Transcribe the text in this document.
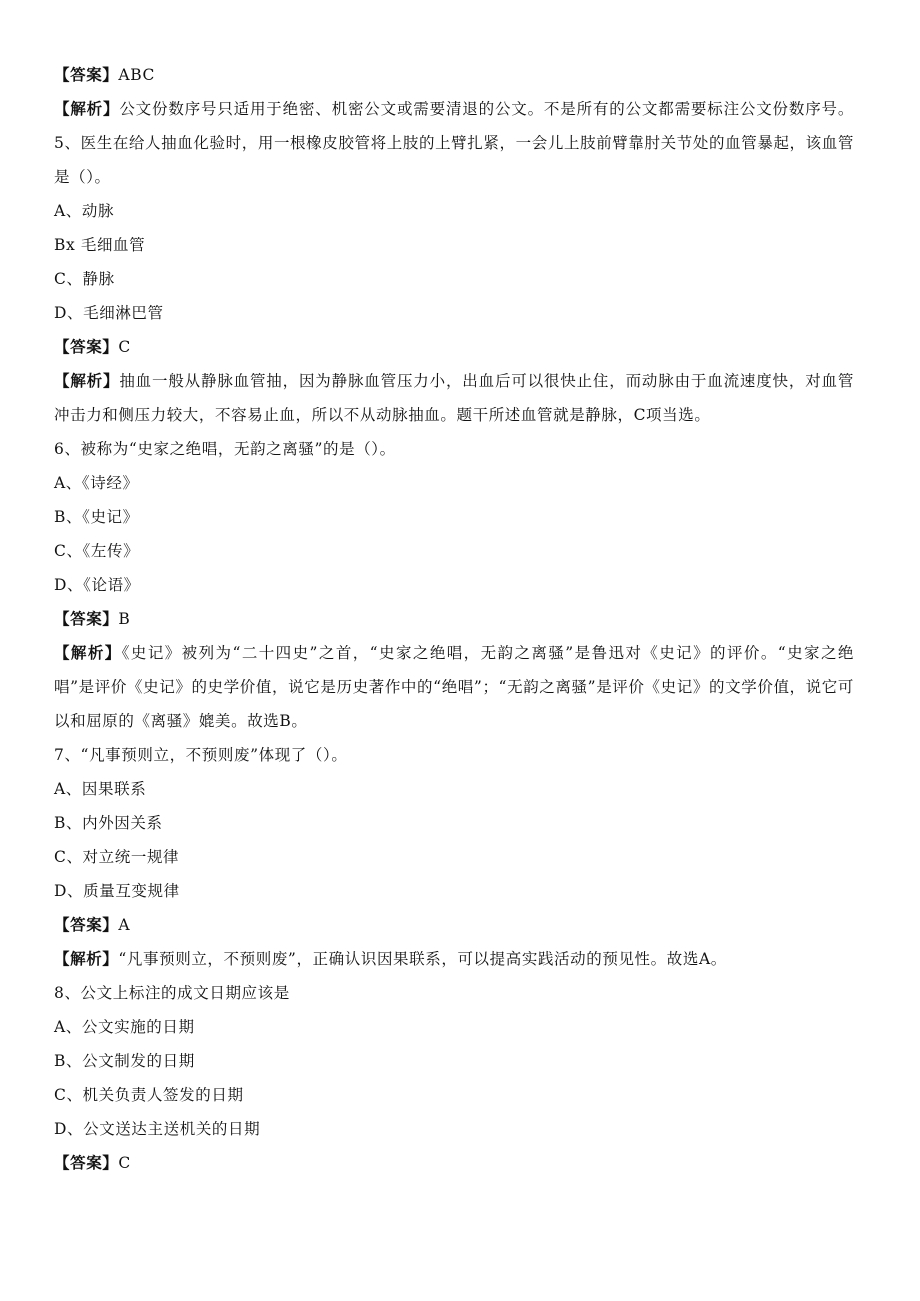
【答案】ABC
【解析】公文份数序号只适用于绝密、机密公文或需要清退的公文。不是所有的公文都需要标注公文份数序号。5、医生在给人抽血化验时，用一根橡皮胶管将上肢的上臂扎紧，一会儿上肢前臂靠肘关节处的血管暴起，该血管是（）。
A、动脉
Bx 毛细血管
C、静脉
D、毛细淋巴管
【答案】C
【解析】抽血一般从静脉血管抽，因为静脉血管压力小，出血后可以很快止住，而动脉由于血流速度快，对血管冲击力和侧压力较大，不容易止血，所以不从动脉抽血。题干所述血管就是静脉，C项当选。
6、被称为“史家之绝唱，无韵之离骚”的是（）。
A、《诗经》
B、《史记》
C、《左传》
D、《论语》
【答案】B
【解析】《史记》被列为“二十四史”之首，“史家之绝唱，无韵之离骚”是鲁迅对《史记》的评价。“史家之绝唱”是评价《史记》的史学价值，说它是历史著作中的“绝唱”；“无韵之离骚”是评价《史记》的文学价值，说它可以和屈原的《离骚》媲美。故选B。
7、“凡事预则立，不预则废”体现了（）。
A、因果联系
B、内外因关系
C、对立统一规律
D、质量互变规律
【答案】A
【解析】“凡事预则立，不预则废”，正确认识因果联系，可以提高实践活动的预见性。故选A。
8、公文上标注的成文日期应该是
A、公文实施的日期
B、公文制发的日期
C、机关负责人签发的日期
D、公文送达主送机关的日期
【答案】C
